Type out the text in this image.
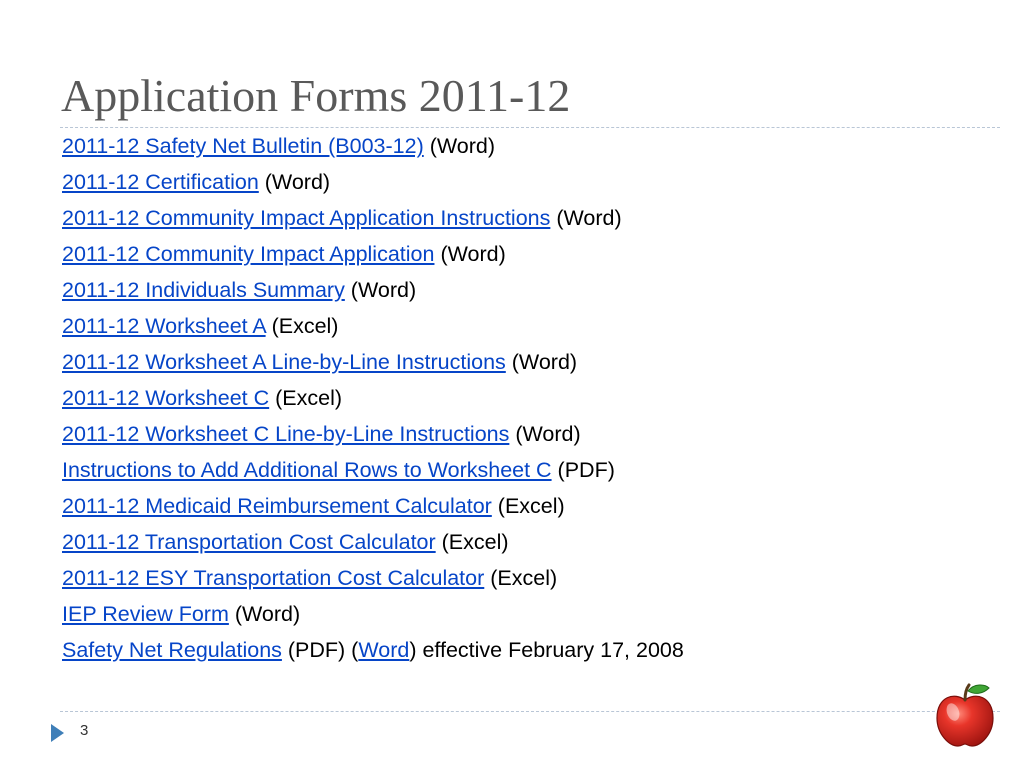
Application Forms 2011-12
2011-12 Safety Net Bulletin (B003-12) (Word)
2011-12 Certification (Word)
2011-12 Community Impact Application Instructions (Word)
2011-12 Community Impact Application (Word)
2011-12 Individuals Summary (Word)
2011-12 Worksheet A (Excel)
2011-12 Worksheet A Line-by-Line Instructions (Word)
2011-12 Worksheet C (Excel)
2011-12 Worksheet C Line-by-Line Instructions (Word)
Instructions to Add Additional Rows to Worksheet C (PDF)
2011-12 Medicaid Reimbursement Calculator (Excel)
2011-12 Transportation Cost Calculator (Excel)
2011-12 ESY Transportation Cost Calculator (Excel)
IEP Review Form (Word)
Safety Net Regulations (PDF) (Word) effective February 17, 2008
3
